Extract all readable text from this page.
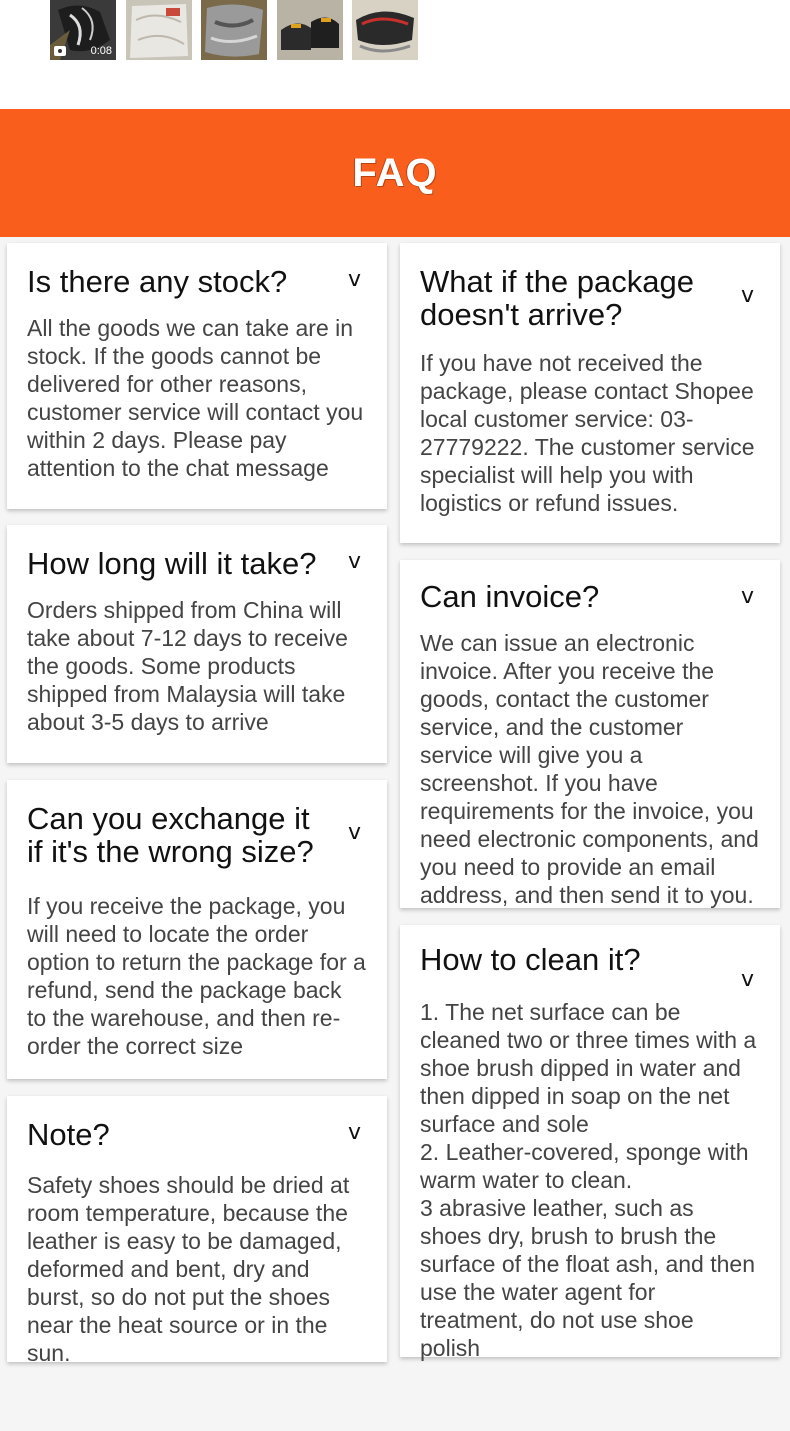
0:08
FAQ
Is there any stock?	v

All the goods we can take are in stock. If the goods cannot be delivered for other reasons, customer service will contact you within 2 days. Please pay attention to the chat message

How long will it take? v

Orders shipped from China will take about 7-12 days to receive the goods. Some products shipped from Malaysia will take about 3-5 days to arrive

Can you exchange it if it's the wrong size?
v

If you receive the package, you will need to locate the order option to return the package for a refund, send the package back to the warehouse, and then re-order the correct size

Note?	v

Safety shoes should be dried at room temperature, because the leather is easy to be damaged, deformed and bent, dry and burst, so do not put the shoes near the heat source or in the sun.

What if the package doesn't arrive?
v

If you have not received the package, please contact Shopee local customer service: 03-27779222. The customer service specialist will help you with logistics or refund issues.

Can invoice?	v

We can issue an electronic invoice. After you receive the goods, contact the customer service, and the customer service will give you a screenshot. If you have requirements for the invoice, you need electronic components, and you need to provide an email address, and then send it to you.

How to clean it?
v

1. The net surface can be cleaned two or three times with a shoe brush dipped in water and then dipped in soap on the net surface and sole

2. Leather-covered, sponge with warm water to clean.

3 abrasive leather, such as shoes dry, brush to brush the surface of the float ash, and then use the water agent for treatment, do not use shoe polish
